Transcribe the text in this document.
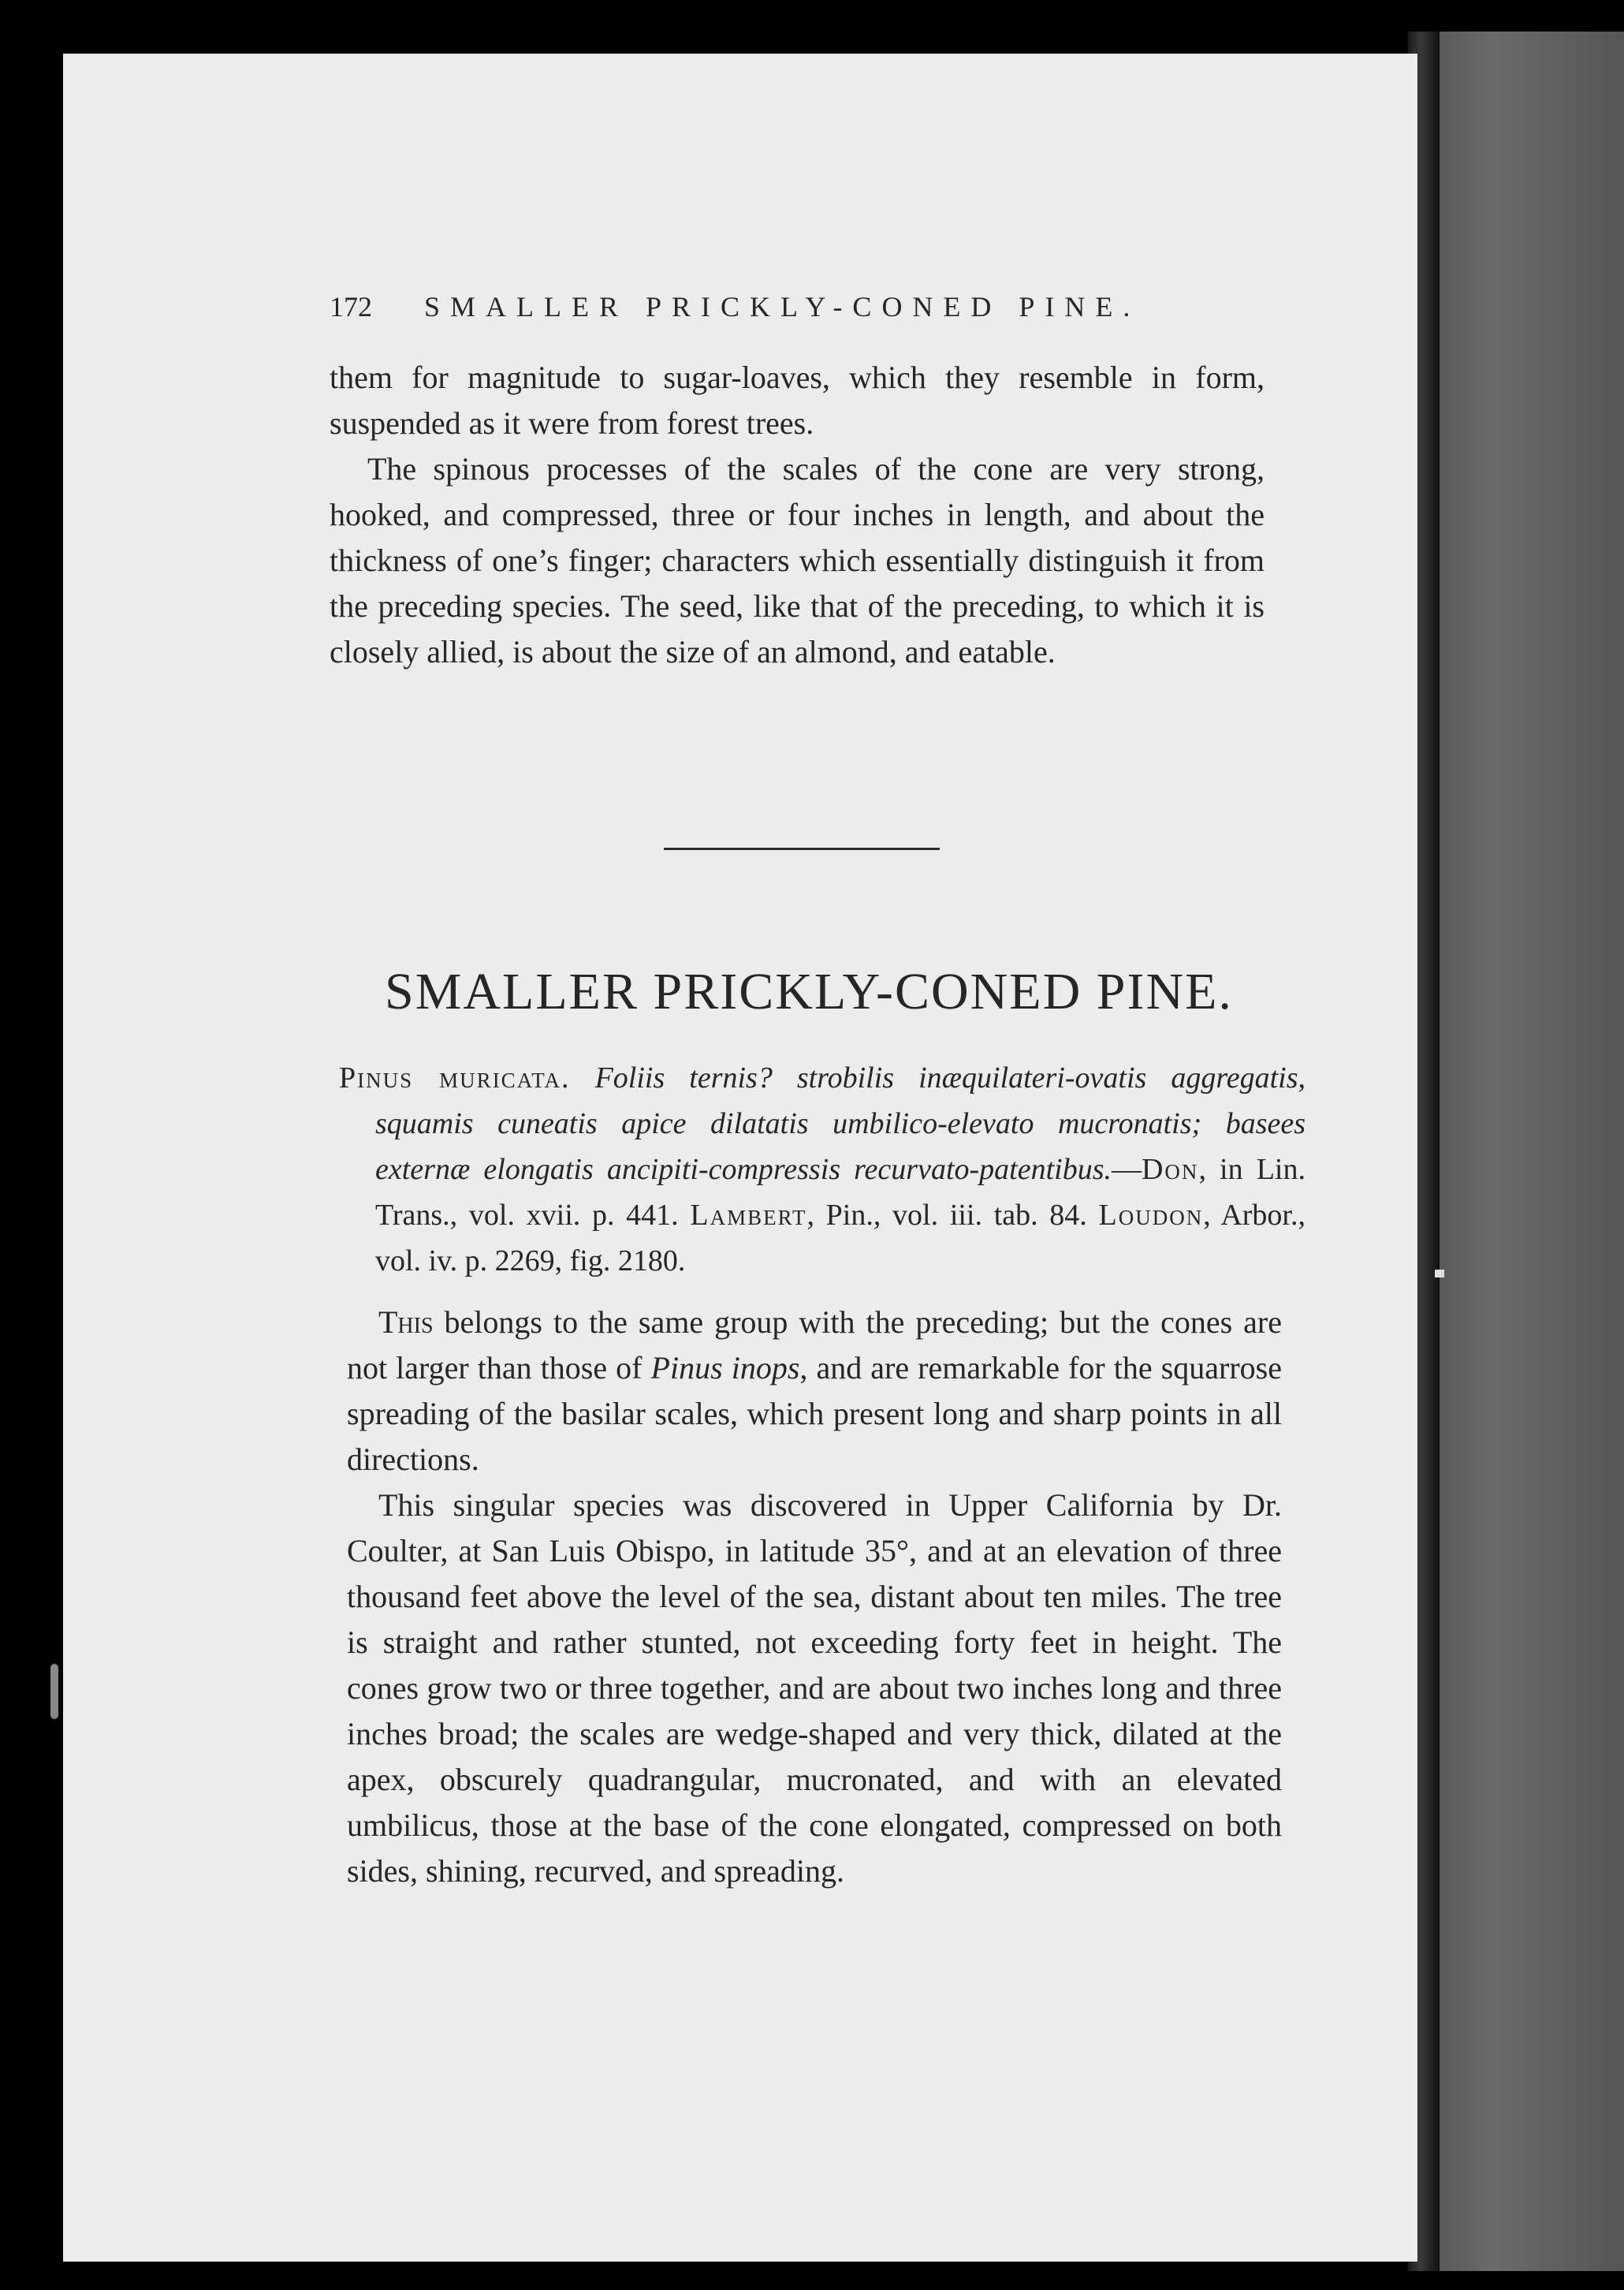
172 SMALLER PRICKLY-CONED PINE.

them for magnitude to sugar-loaves, which they resemble in form, suspended as it were from forest trees.

The spinous processes of the scales of the cone are very strong, hooked, and compressed, three or four inches in length, and about the thickness of one’s finger; characters which essentially distinguish it from the preceding species. The seed, like that of the preceding, to which it is closely allied, is about the size of an almond, and eatable.

SMALLER PRICKLY-CONED PINE.
Pinus muricata. Foliis ternis? strobilis inæquilateri-ovatis aggregatis, squamis cuneatis apice dilatatis umbilico-elevato mucronatis; basees externæ elongatis ancipiti-compressis recurvato-patentibus.—Don, in Lin. Trans., vol. xvii. p. 441. Lambert, Pin., vol. iii. tab. 84. Loudon, Arbor., vol. iv. p. 2269, fig. 2180.

This belongs to the same group with the preceding; but the cones are not larger than those of Pinus inops, and are remarkable for the squarrose spreading of the basilar scales, which present long and sharp points in all directions.

This singular species was discovered in Upper California by Dr. Coulter, at San Luis Obispo, in latitude 35°, and at an elevation of three thousand feet above the level of the sea, distant about ten miles. The tree is straight and rather stunted, not exceeding forty feet in height. The cones grow two or three together, and are about two inches long and three inches broad; the scales are wedge-shaped and very thick, dilated at the apex, obscurely quadrangular, mucronated, and with an elevated umbilicus, those at the base of the cone elongated, compressed on both sides, shining, recurved, and spreading.
